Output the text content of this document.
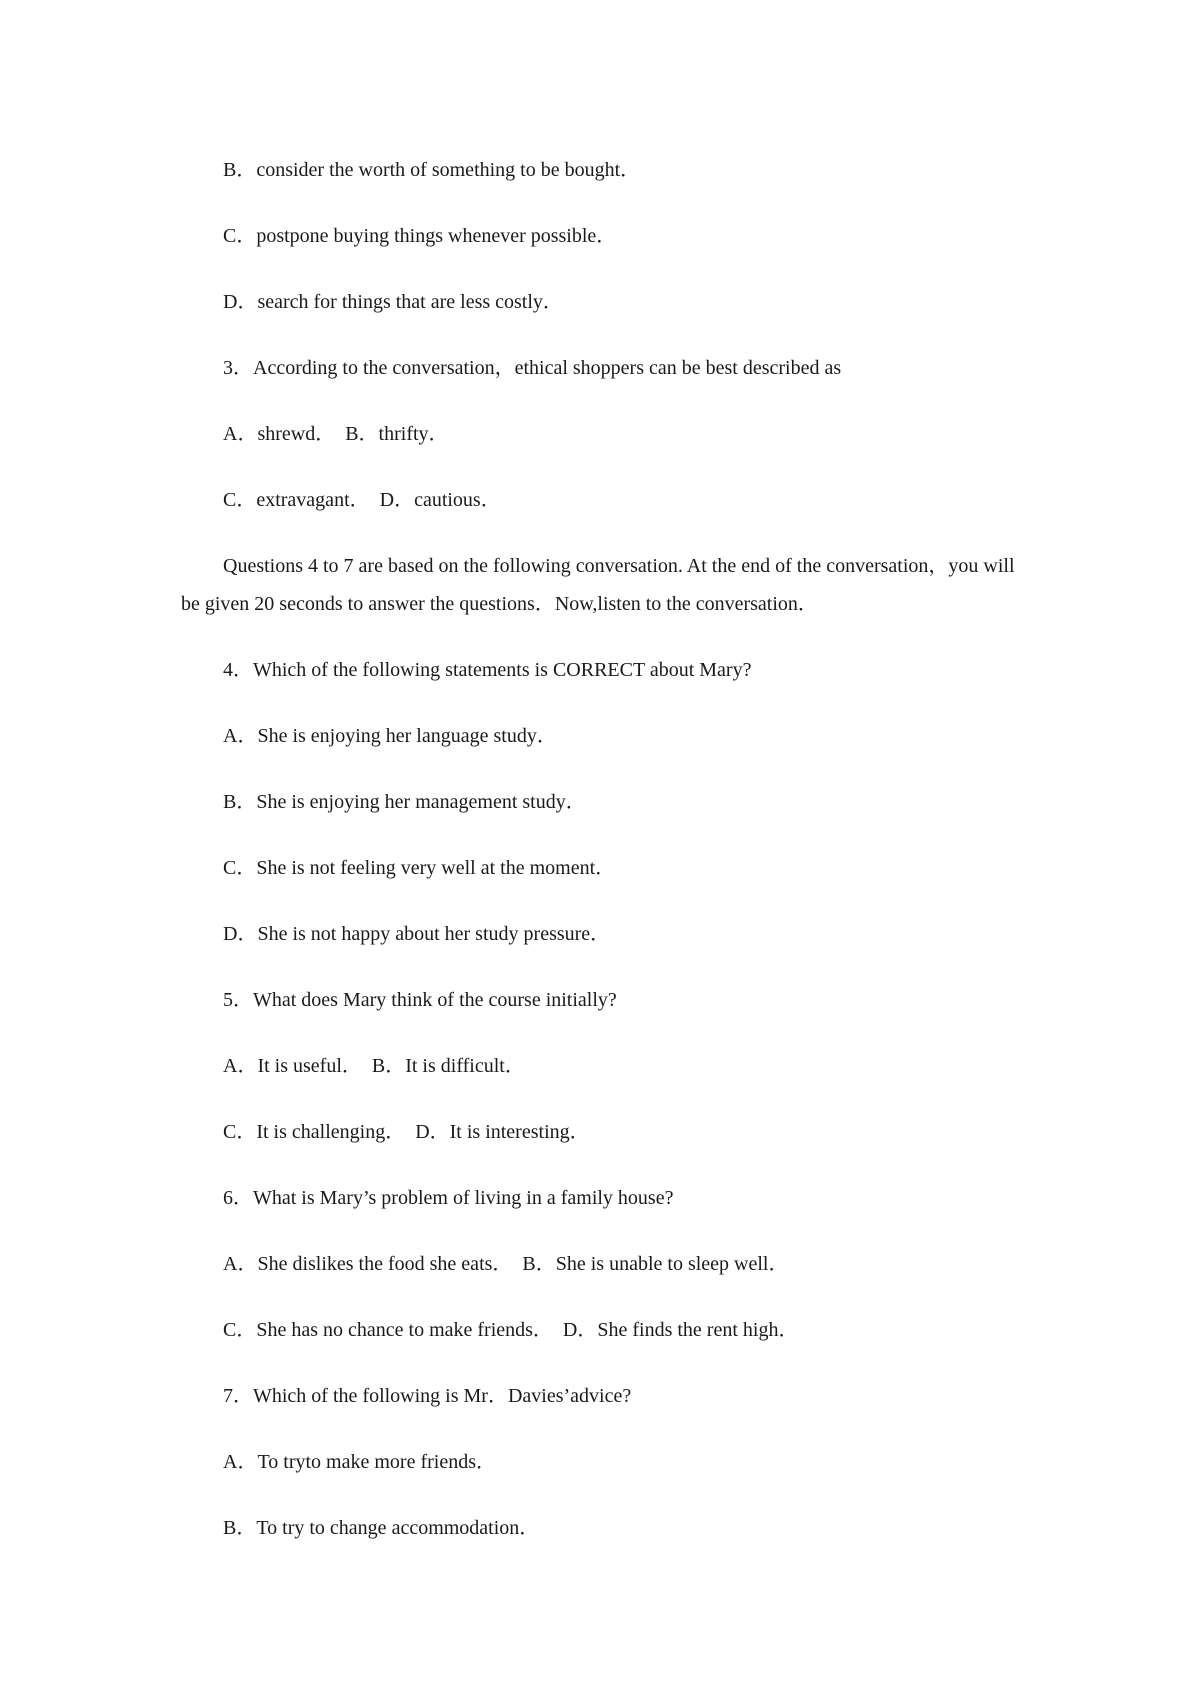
B．consider the worth of something to be bought．
C．postpone buying things whenever possible．
D．search for things that are less costly．
3．According to the conversation，ethical shoppers can be best described as
A．shrewd．  B．thrifty．
C．extravagant．  D．cautious．
Questions 4 to 7 are based on the following conversation. At the end of the conversation，you will be given 20 seconds to answer the questions．Now,listen to the conversation．
4．Which of the following statements is CORRECT about Mary?
A．She is enjoying her language study．
B．She is enjoying her management study．
C．She is not feeling very well at the moment．
D．She is not happy about her study pressure．
5．What does Mary think of the course initially?
A．It is useful．  B．It is difficult．
C．It is challenging．  D．It is interesting．
6．What is Mary’s problem of living in a family house?
A．She dislikes the food she eats．  B．She is unable to sleep well．
C．She has no chance to make friends．  D．She finds the rent high．
7．Which of the following is Mr．Davies’advice?
A．To tryto make more friends．
B．To try to change accommodation．
